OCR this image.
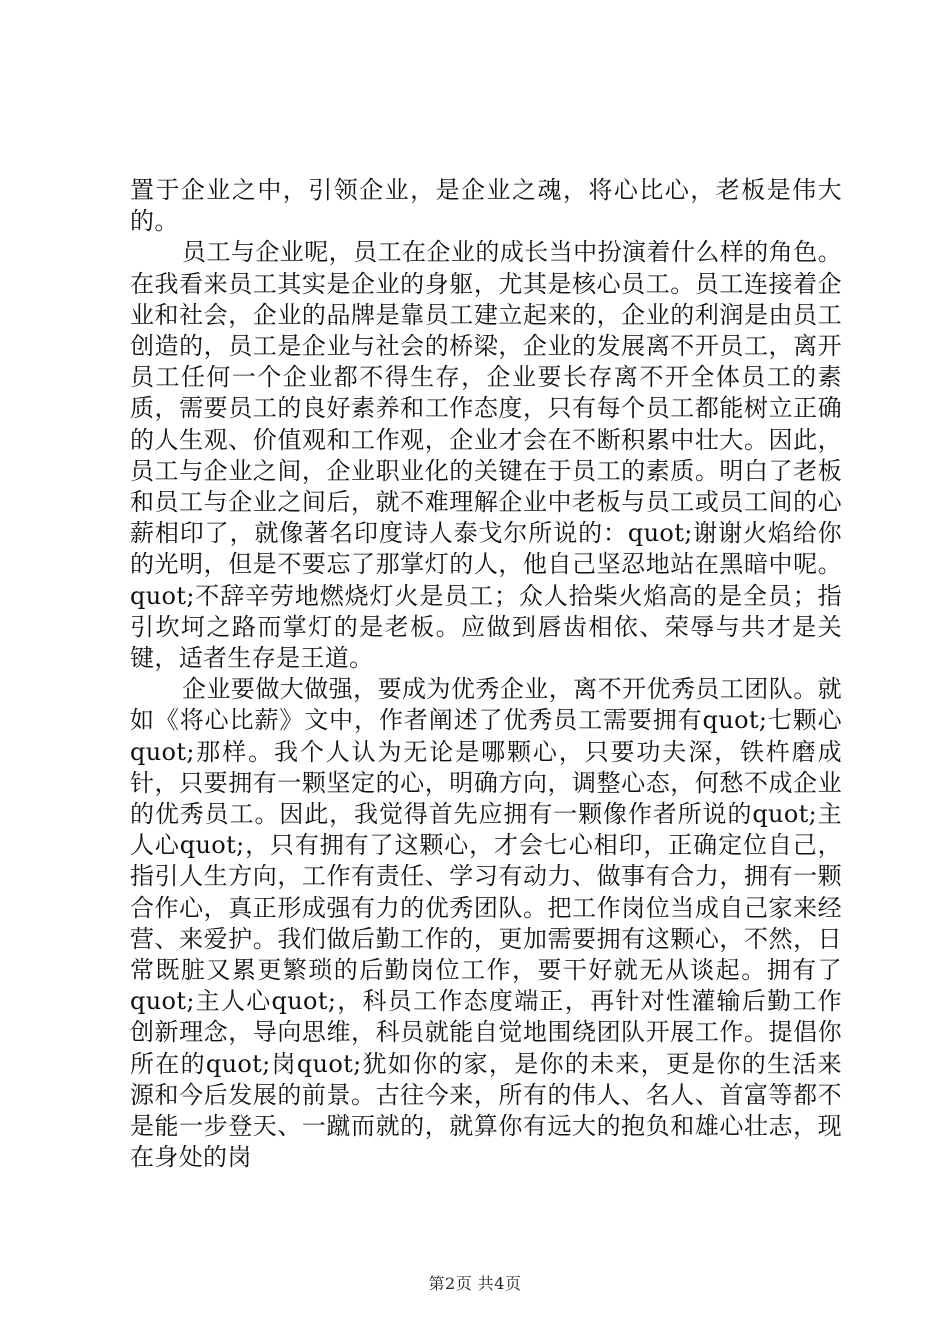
置于企业之中，引领企业，是企业之魂，将心比心，老板是伟大的。

员工与企业呢，员工在企业的成长当中扮演着什么样的角色。在我看来员工其实是企业的身躯，尤其是核心员工。员工连接着企业和社会，企业的品牌是靠员工建立起来的，企业的利润是由员工创造的，员工是企业与社会的桥梁，企业的发展离不开员工，离开员工任何一个企业都不得生存，企业要长存离不开全体员工的素质，需要员工的良好素养和工作态度，只有每个员工都能树立正确的人生观、价值观和工作观，企业才会在不断积累中壮大。因此，员工与企业之间，企业职业化的关键在于员工的素质。明白了老板和员工与企业之间后，就不难理解企业中老板与员工或员工间的心薪相印了，就像著名印度诗人泰戈尔所说的：quot;谢谢火焰给你的光明，但是不要忘了那掌灯的人，他自己坚忍地站在黑暗中呢。quot;不辞辛劳地燃烧灯火是员工；众人拾柴火焰高的是全员；指引坎坷之路而掌灯的是老板。应做到唇齿相依、荣辱与共才是关键，适者生存是王道。

企业要做大做强，要成为优秀企业，离不开优秀员工团队。就如《将心比薪》文中，作者阐述了优秀员工需要拥有quot;七颗心quot;那样。我个人认为无论是哪颗心，只要功夫深，铁杵磨成针，只要拥有一颗坚定的心，明确方向，调整心态，何愁不成企业的优秀员工。因此，我觉得首先应拥有一颗像作者所说的quot;主人心quot;，只有拥有了这颗心，才会七心相印，正确定位自己，指引人生方向，工作有责任、学习有动力、做事有合力，拥有一颗合作心，真正形成强有力的优秀团队。把工作岗位当成自己家来经营、来爱护。我们做后勤工作的，更加需要拥有这颗心，不然，日常既脏又累更繁琐的后勤岗位工作，要干好就无从谈起。拥有了quot;主人心quot;，科员工作态度端正，再针对性灌输后勤工作创新理念，导向思维，科员就能自觉地围绕团队开展工作。提倡你所在的quot;岗quot;犹如你的家，是你的未来，更是你的生活来源和今后发展的前景。古往今来，所有的伟人、名人、首富等都不是能一步登天、一蹴而就的，就算你有远大的抱负和雄心壮志，现在身处的岗

第2页 共4页
